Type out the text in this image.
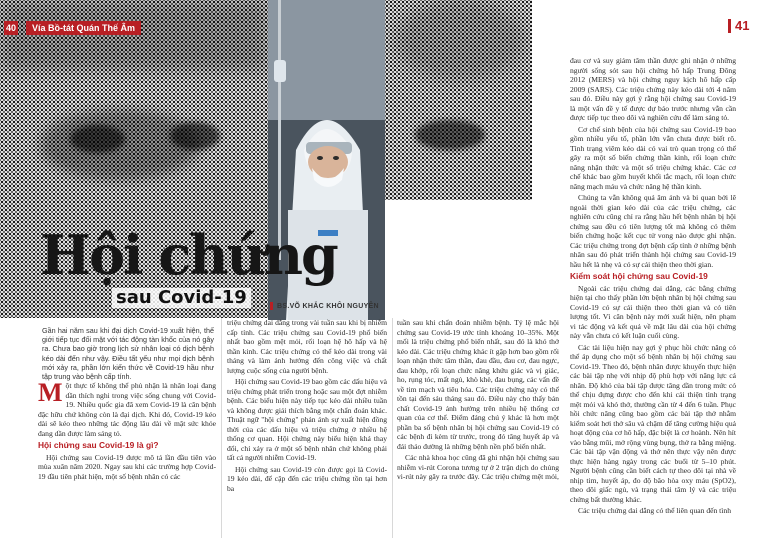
40	Vía Bồ-tát Quán Thế Âm	41
Hội chứng
sau Covid-19	BS.VÕ KHẮC KHÔI NGUYÊN
Gần hai năm sau khi đại dịch Covid-19 xuất hiện, thế giới tiếp tục đối mặt với tác động tàn khốc của nó gây ra. Chưa bao giờ trong lịch sử nhân loại có dịch bệnh kéo dài đến như vậy. Điều tất yếu như mọi dịch bệnh mới xảy ra, phần lớn kiến thức về Covid-19 hầu như tập trung vào bệnh cấp tính.

Một thực tế không thể phủ nhận là nhân loại đang dần thích nghi trong việc sống chung với Covid-19. Nhiều quốc gia đã xem Covid-19 là căn bệnh đặc hữu chứ không còn là đại dịch. Khi đó, Covid-19 kéo dài sẽ kéo theo những tác động lâu dài về mặt sức khỏe đang dần được làm sáng tỏ.

Hội chứng sau Covid-19 là gì?

Hội chứng sau Covid-19 được mô tả lần đầu tiên vào mùa xuân năm 2020. Ngay sau khi các trường hợp Covid-19 đầu tiên phát hiện, một số bệnh nhân có các

triệu chứng dai dẳng trong vài tuần sau khi bị nhiễm cấp tính. Các triệu chứng sau Covid-19 phổ biến nhất bao gồm mệt mỏi, rối loạn hệ hô hấp và hệ thần kinh. Các triệu chứng có thể kéo dài trong vài tháng và làm ảnh hưởng đến công việc và chất lượng cuộc sống của người bệnh.

Hội chứng sau Covid-19 bao gồm các dấu hiệu và triệu chứng phát triển trong hoặc sau một đợt nhiễm bệnh. Các biểu hiện này tiếp tục kéo dài nhiều tuần và không được giải thích bằng một chẩn đoán khác. Thuật ngữ "hội chứng" phản ánh sự xuất hiện đồng thời của các dấu hiệu và triệu chứng ở nhiều hệ thống cơ quan. Hội chứng này biểu hiện khá thay đổi, chỉ xảy ra ở một số bệnh nhân chứ không phải tất cả người nhiễm Covid-19.

Hội chứng sau Covid-19 còn được gọi là Covid-19 kéo dài, để cập đến các triệu chứng tồn tại hơn ba

tuần sau khi chẩn đoán nhiễm bệnh. Tỷ lệ mắc hội chứng sau Covid-19 ước tính khoảng 10–35%. Một mối là triệu chứng phổ biến nhất, sau đó là khó thở kéo dài. Các triệu chứng khác ít gặp hơn bao gồm rối loạn nhận thức tâm thần, đau đầu, đau cơ, đau ngực, đau khớp, rối loạn chức năng khứu giác và vị giác, ho, rụng tóc, mất ngủ, khò khè, đau bụng, các vấn đề về tim mạch và tiêu hóa. Các triệu chứng này có thể tồn tại đến sáu tháng sau đó. Điều này cho thấy bản chất Covid-19 ảnh hưởng trên nhiều hệ thống cơ quan của cơ thể. Điểm đáng chú ý khác là hơn một phần ba số bệnh nhân bị hội chứng sau Covid-19 có các bệnh đi kèm từ trước, trong đó tăng huyết áp và đái tháo đường là những bệnh nền phổ biến nhất.

Các nhà khoa học cũng đã ghi nhận hội chứng sau nhiễm vi-rút Corona tương tự ở 2 trận dịch do chủng vi-rút này gây ra trước đây. Các triệu chứng mệt mỏi,

đau cơ và suy giảm tâm thần được ghi nhận ở những người sống sót sau hội chứng hô hấp Trung Đông 2012 (MERS) và hội chứng nguy kịch hô hấp cấp 2009 (SARS). Các triệu chứng này kéo dài tới 4 năm sau đó. Điều này gợi ý rằng hội chứng sau Covid-19 là một vấn đề y tế được dự báo trước nhưng vẫn cần được tiếp tục theo dõi và nghiên cứu để làm sáng tỏ.

Cơ chế sinh bệnh của hội chứng sau Covid-19 bao gồm nhiều yếu tố, phần lớn vẫn chưa được biết rõ. Tình trạng viêm kéo dài có vai trò quan trọng có thể gây ra một số biến chứng thần kinh, rối loạn chức năng nhận thức và một số triệu chứng khác. Các cơ chế khác bao gồm huyết khối tắc mạch, rối loạn chức năng mạch máu và chức năng hệ thần kinh.

Chúng ta vẫn không quá âm ảnh và bi quan bởi lẽ ngoài thời gian kéo dài của các triệu chứng, các nghiên cứu cũng chỉ ra rằng hầu hết bệnh nhân bị hội chứng sau đều có tiên lượng tốt mà không có thêm biến chứng hoặc kết cục tử vong nào được ghi nhận. Các triệu chứng trong đợt bệnh cấp tính ở những bệnh nhân sau đó phát triển thành hội chứng sau Covid-19 hầu hết là nhẹ và có sự cải thiện theo thời gian.

Kiểm soát hội chứng sau Covid-19

Ngoài các triệu chứng dai dẳng, các bằng chứng hiện tại cho thấy phần lớn bệnh nhân bị hội chứng sau Covid-19 có sự cải thiện theo thời gian và có tiên lượng tốt. Vì căn bệnh này mới xuất hiện, nên phạm vi tác động và kết quả về mặt lâu dài của hội chứng này vẫn chưa có kết luận cuối cùng.

Các tài liệu hiện nay gợi ý phục hồi chức năng có thể áp dụng cho một số bệnh nhân bị hội chứng sau Covid-19. Theo đó, bệnh nhân được khuyến thực hiện các bài tập nhẹ với nhịp độ phù hợp với năng lực cá nhân. Độ khó của bài tập được tăng dần trong mức có thể chịu đựng được cho đến khi cải thiện tình trạng mệt mỏi và khó thở, thường cần từ 4 đến 6 tuần. Phục hồi chức năng cũng bao gồm các bài tập thở nhằm kiểm soát hơi thở sâu và chậm để tăng cường hiệu quả hoạt động của cơ hô hấp, đặc biệt là cơ hoành. Nên hít vào bằng mũi, mở rộng vùng bụng, thở ra bằng miệng. Các bài tập vận động và thở nên thực vậy nên được thực hiện hàng ngày trong các buổi từ 5–10 phút. Người bệnh cũng cần biết cách tự theo dõi tại nhà về nhịp tim, huyết áp, đo độ bão hòa oxy máu (SpO2), theo dõi giấc ngủ, và trạng thái tâm lý và các triệu chứng bất thường khác.

Các triệu chứng dai dẳng có thể liên quan đến tình
